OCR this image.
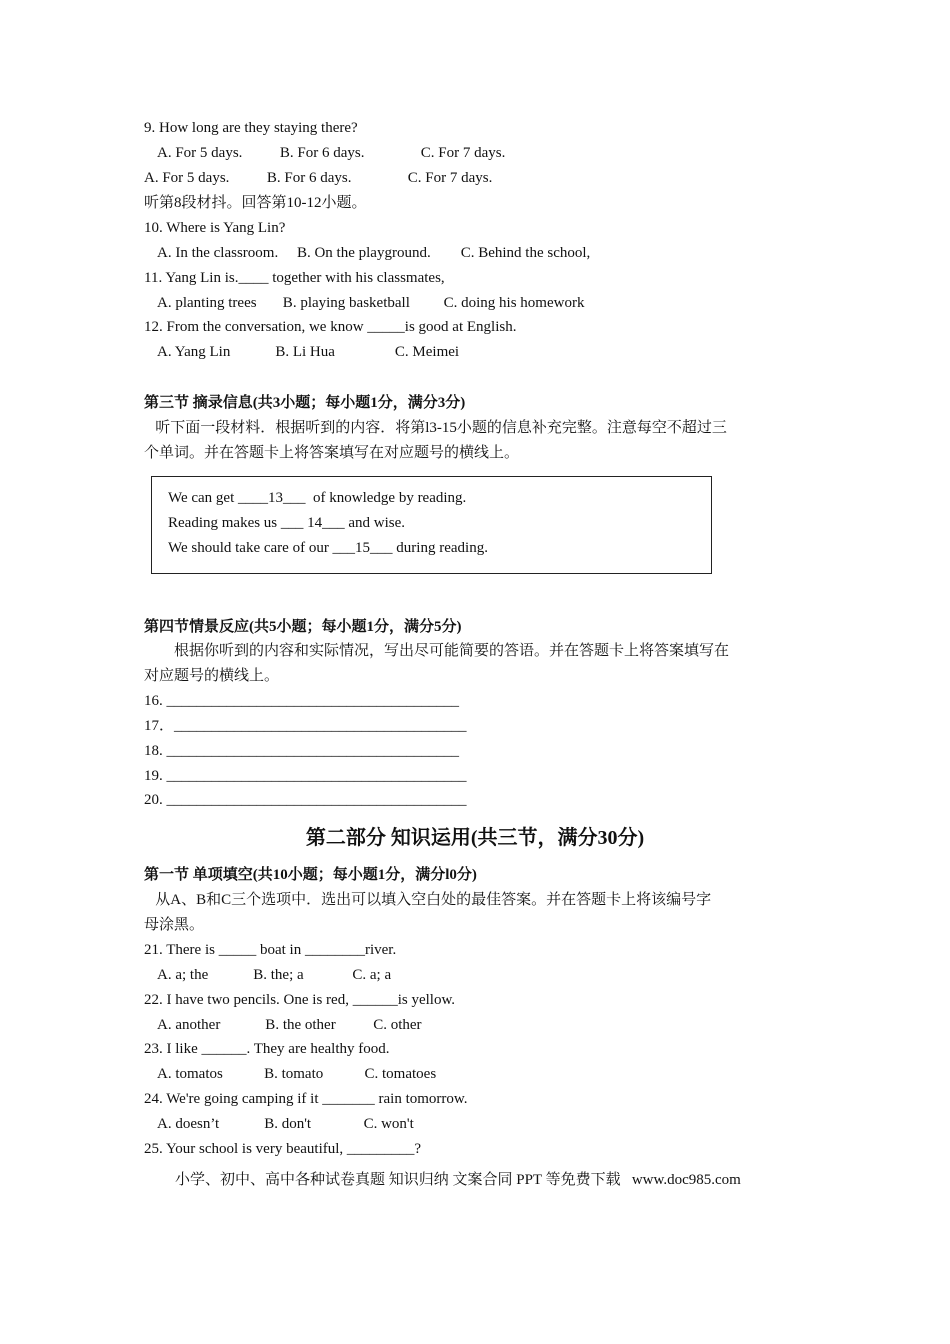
9. How long are they staying there?
A. For 5 days.          B. For 6 days.               C. For 7 days.
A. For 5 days.          B. For 6 days.               C. For 7 days.
听第8段材抖。回答第10-12小题。
10. Where is Yang Lin?
A. In the classroom.     B. On the playground.        C. Behind the school,
11. Yang Lin is.____ together with his classmates,
A. planting trees       B. playing basketball         C. doing his homework
12. From the conversation, we know _____is good at English.
A. Yang Lin            B. Li Hua                C. Meimei
第三节 摘录信息(共3小题；每小题1分，满分3分)
听下面一段材料．根据听到的内容．将第l3-15小题的信息补充完整。注意每空不超过三
个单词。并在答题卡上将答案填写在对应题号的横线上。
We can get ____13___  of knowledge by reading.
Reading makes us ___ 14___ and wise.
We should take care of our ___15___ during reading.
第四节情景反应(共5小题；每小题1分，满分5分)
根据你听到的内容和实际情况，写出尽可能简要的答语。并在答题卡上将答案填写在
对应题号的横线上。
16. _______________________________________
17．_______________________________________
18. _______________________________________
19. ________________________________________
20. ________________________________________
第二部分 知识运用(共三节，满分30分)
第一节 单项填空(共10小题；每小题1分，满分l0分)
从A、B和C三个选项中．选出可以填入空白处的最佳答案。并在答题卡上将该编号字
母涂黑。
21. There is _____ boat in ________river.
A. a; the            B. the; a             C. a; a
22. I have two pencils. One is red, ______is yellow.
A. another            B. the other          C. other
23. I like ______. They are healthy food.
A. tomatos           B. tomato           C. tomatoes
24. We're going camping if it _______ rain tomorrow.
A. doesn’t            B. don't              C. won't
25. Your school is very beautiful, _________?
小学、初中、高中各种试卷真题 知识归纳 文案合同 PPT 等免费下载   www.doc985.com
